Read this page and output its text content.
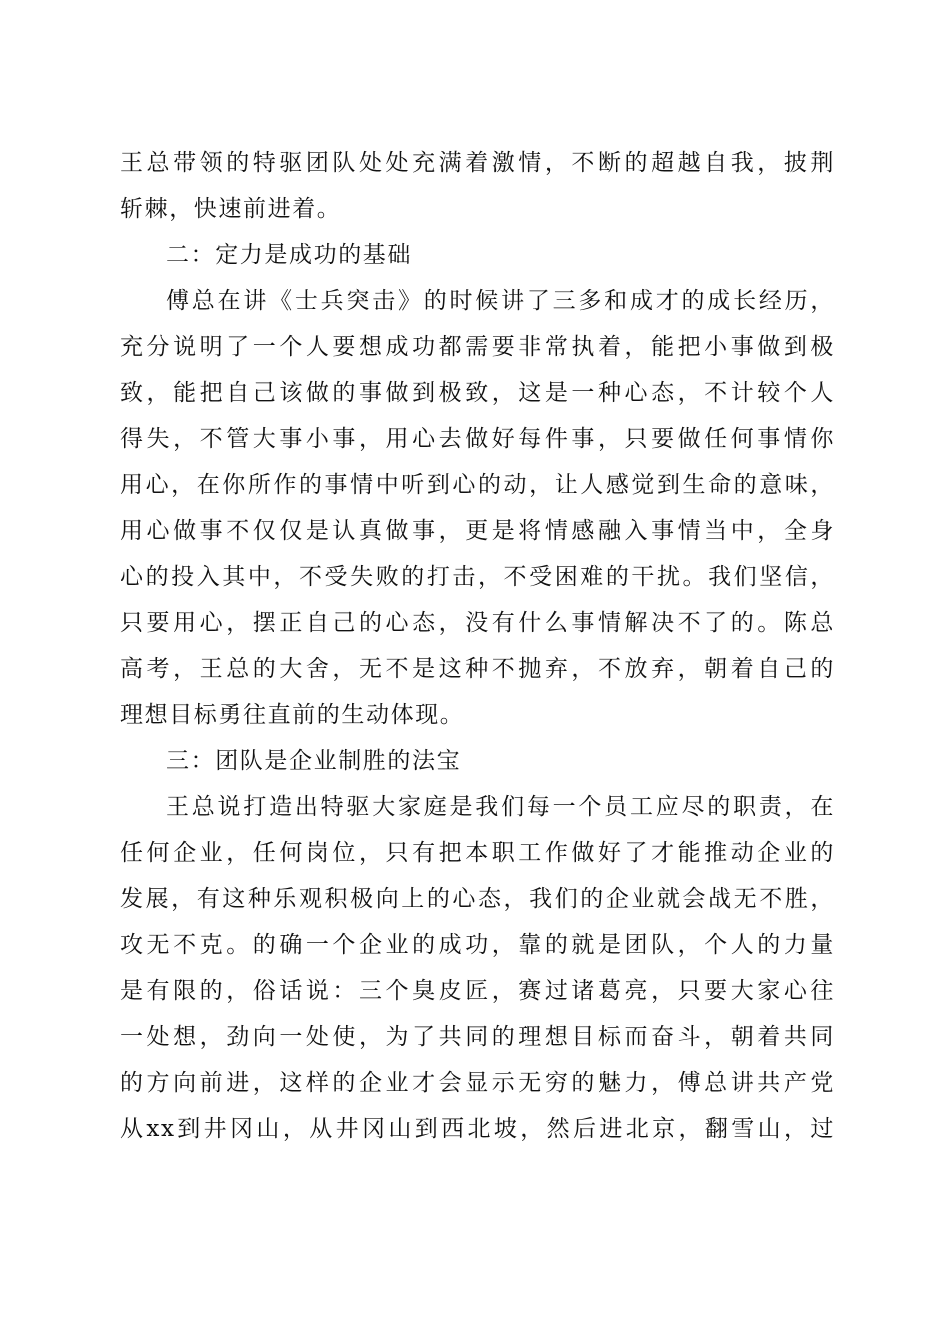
王总带领的特驱团队处处充满着激情，不断的超越自我，披荆
斩棘，快速前进着。
二：定力是成功的基础
傅总在讲《士兵突击》的时候讲了三多和成才的成长经历，
充分说明了一个人要想成功都需要非常执着，能把小事做到极
致，能把自己该做的事做到极致，这是一种心态，不计较个人
得失，不管大事小事，用心去做好每件事，只要做任何事情你
用心，在你所作的事情中听到心的动，让人感觉到生命的意味，
用心做事不仅仅是认真做事，更是将情感融入事情当中，全身
心的投入其中，不受失败的打击，不受困难的干扰。我们坚信，
只要用心，摆正自己的心态，没有什么事情解决不了的。陈总
高考，王总的大舍，无不是这种不抛弃，不放弃，朝着自己的
理想目标勇往直前的生动体现。
三：团队是企业制胜的法宝
王总说打造出特驱大家庭是我们每一个员工应尽的职责，在
任何企业，任何岗位，只有把本职工作做好了才能推动企业的
发展，有这种乐观积极向上的心态，我们的企业就会战无不胜，
攻无不克。的确一个企业的成功，靠的就是团队，个人的力量
是有限的，俗话说：三个臭皮匠，赛过诸葛亮，只要大家心往
一处想，劲向一处使，为了共同的理想目标而奋斗，朝着共同
的方向前进，这样的企业才会显示无穷的魅力，傅总讲共产党
从xx到井冈山，从井冈山到西北坡，然后进北京，翻雪山，过
